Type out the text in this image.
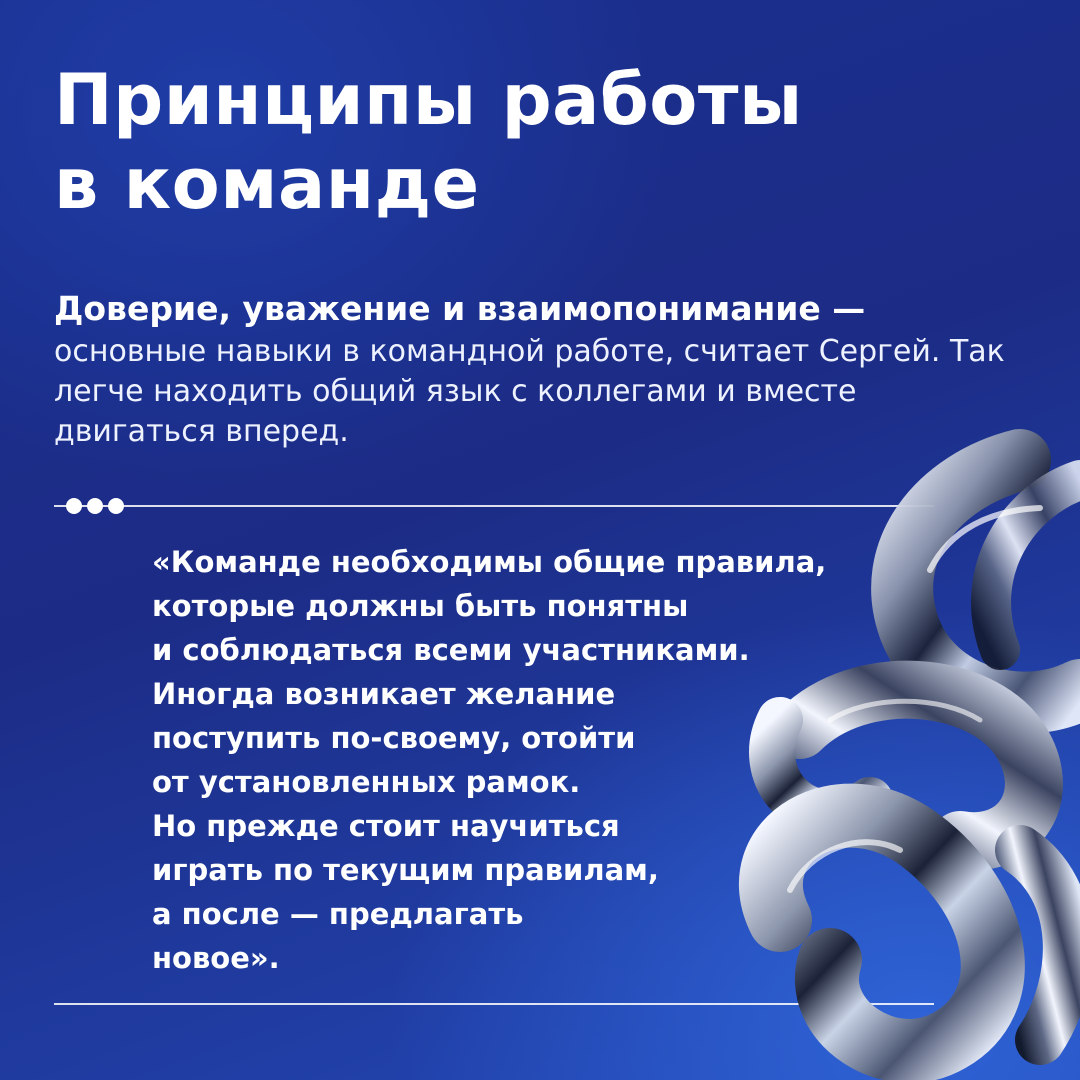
Принципы работы
в команде

Доверие, уважение и взаимопонимание —
основные навыки в командной работе, считает Сергей. Так легче находить общий язык с коллегами и вместе двигаться вперед.

«Команде необходимы общие правила,
которые должны быть понятны
и соблюдаться всеми участниками.
Иногда возникает желание
поступить по-своему, отойти
от установленных рамок.
Но прежде стоит научиться
играть по текущим правилам,
а после — предлагать
новое».
